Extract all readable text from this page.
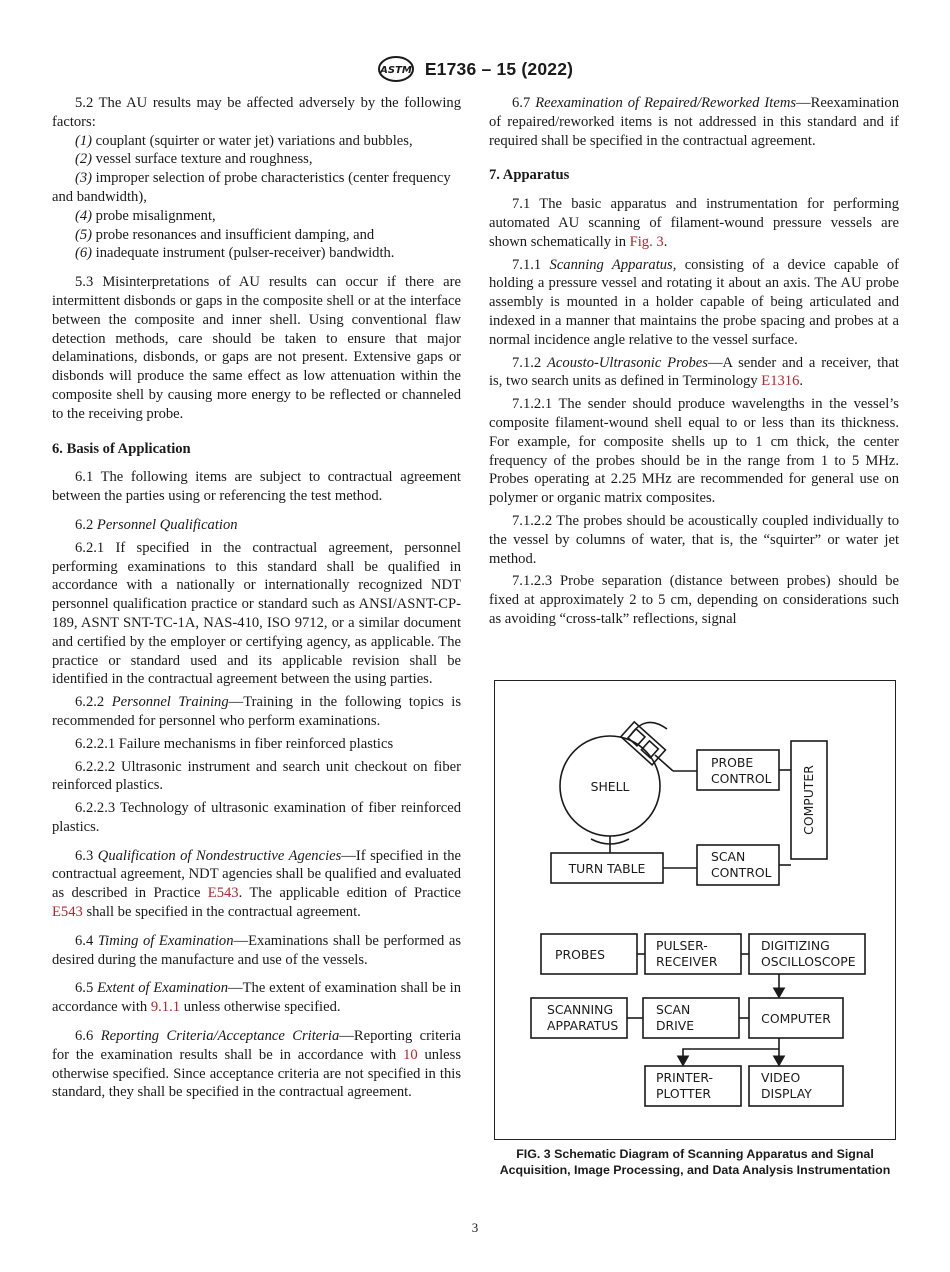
ASTM E1736 – 15 (2022)

5.2 The AU results may be affected adversely by the following factors:

(1) couplant (squirter or water jet) variations and bubbles,

(2) vessel surface texture and roughness,

(3) improper selection of probe characteristics (center frequency and bandwidth),

(4) probe misalignment,

(5) probe resonances and insufficient damping, and

(6) inadequate instrument (pulser-receiver) bandwidth.

5.3 Misinterpretations of AU results can occur if there are intermittent disbonds or gaps in the composite shell or at the interface between the composite and inner shell. Using conventional flaw detection methods, care should be taken to ensure that major delaminations, disbonds, or gaps are not present. Extensive gaps or disbonds will produce the same effect as low attenuation within the composite shell by causing more energy to be reflected or channeled to the receiving probe.

6. Basis of Application

6.1 The following items are subject to contractual agreement between the parties using or referencing the test method.

6.2 Personnel Qualification

6.2.1 If specified in the contractual agreement, personnel performing examinations to this standard shall be qualified in accordance with a nationally or internationally recognized NDT personnel qualification practice or standard such as ANSI/ASNT-CP-189, ASNT SNT-TC-1A, NAS-410, ISO 9712, or a similar document and certified by the employer or certifying agency, as applicable. The practice or standard used and its applicable revision shall be identified in the contractual agreement between the using parties.

6.2.2 Personnel Training—Training in the following topics is recommended for personnel who perform examinations.

6.2.2.1 Failure mechanisms in fiber reinforced plastics

6.2.2.2 Ultrasonic instrument and search unit checkout on fiber reinforced plastics.

6.2.2.3 Technology of ultrasonic examination of fiber reinforced plastics.

6.3 Qualification of Nondestructive Agencies—If specified in the contractual agreement, NDT agencies shall be qualified and evaluated as described in Practice E543. The applicable edition of Practice E543 shall be specified in the contractual agreement.

6.4 Timing of Examination—Examinations shall be performed as desired during the manufacture and use of the vessels.

6.5 Extent of Examination—The extent of examination shall be in accordance with 9.1.1 unless otherwise specified.

6.6 Reporting Criteria/Acceptance Criteria—Reporting criteria for the examination results shall be in accordance with 10 unless otherwise specified. Since acceptance criteria are not specified in this standard, they shall be specified in the contractual agreement.

6.7 Reexamination of Repaired/Reworked Items—Reexamination of repaired/reworked items is not addressed in this standard and if required shall be specified in the contractual agreement.

7. Apparatus

7.1 The basic apparatus and instrumentation for performing automated AU scanning of filament-wound pressure vessels are shown schematically in Fig. 3.

7.1.1 Scanning Apparatus, consisting of a device capable of holding a pressure vessel and rotating it about an axis. The AU probe assembly is mounted in a holder capable of being articulated and indexed in a manner that maintains the probe spacing and probes at a normal incidence angle relative to the vessel surface.

7.1.2 Acousto-Ultrasonic Probes—A sender and a receiver, that is, two search units as defined in Terminology E1316.

7.1.2.1 The sender should produce wavelengths in the vessel’s composite filament-wound shell equal to or less than its thickness. For example, for composite shells up to 1 cm thick, the center frequency of the probes should be in the range from 1 to 5 MHz. Probes operating at 2.25 MHz are recommended for general use on polymer or organic matrix composites.

7.1.2.2 The probes should be acoustically coupled individually to the vessel by columns of water, that is, the “squirter” or water jet method.

7.1.2.3 Probe separation (distance between probes) should be fixed at approximately 2 to 5 cm, depending on considerations such as avoiding “cross-talk” reflections, signal

SHELL
PROBE
CONTROL COMPUTER
TURN TABLE
SCAN
CONTROL
PROBES
PULSER-
RECEIVER
DIGITIZING
OSCILLOSCOPE
SCANNING
APPARATUS
SCAN
DRIVE	COMPUTER
PRINTER-
PLOTTER
VIDEO
DISPLAY
FIG. 3 Schematic Diagram of Scanning Apparatus and Signal Acquisition, Image Processing, and Data Analysis Instrumentation
3
